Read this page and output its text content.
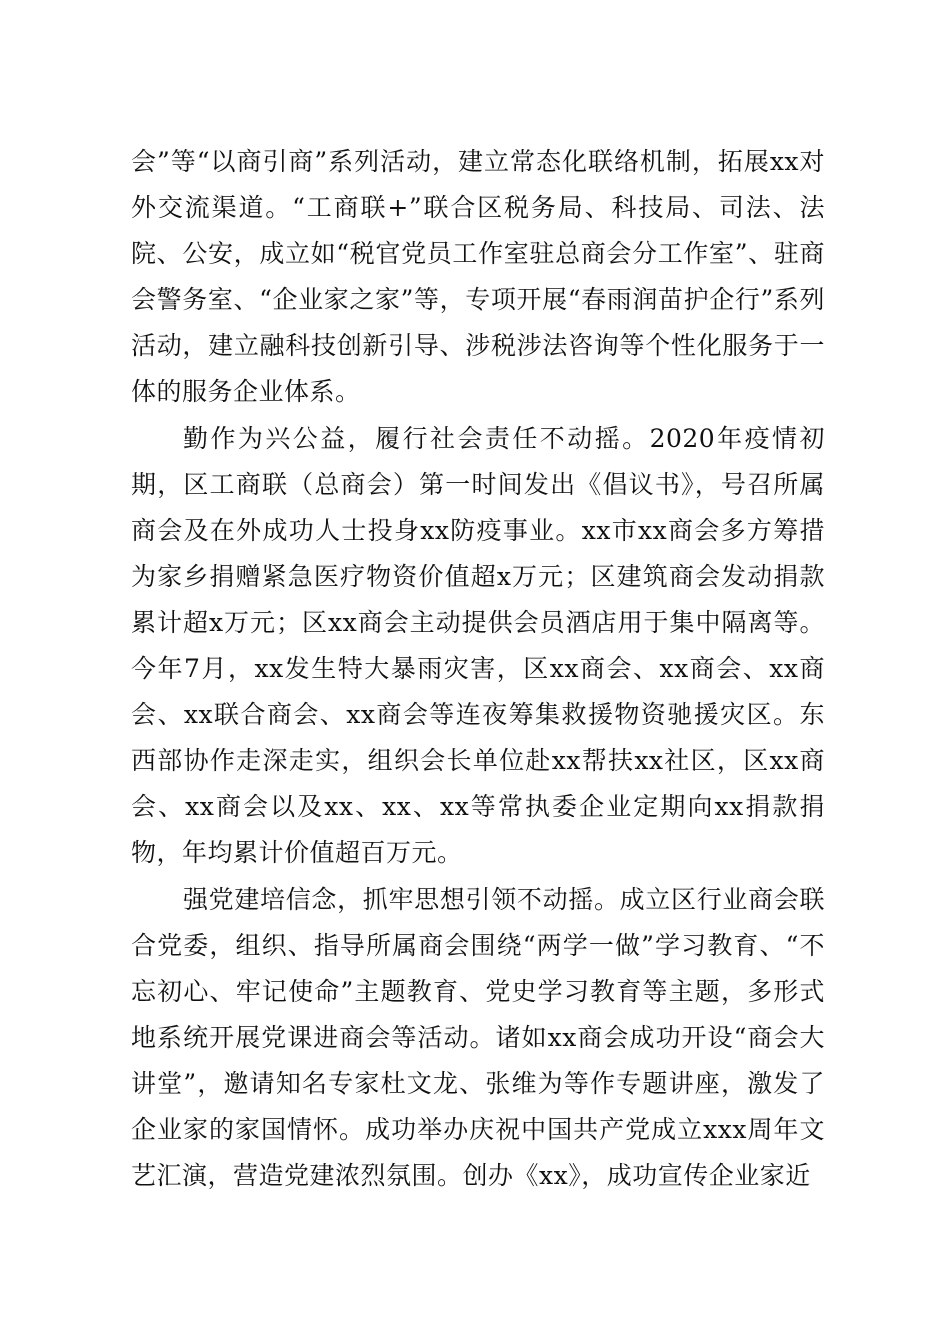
会”等“以商引商”系列活动，建立常态化联络机制，拓展xx对外交流渠道。“工商联+”联合区税务局、科技局、司法、法院、公安，成立如“税官党员工作室驻总商会分工作室”、驻商会警务室、“企业家之家”等，专项开展“春雨润苗护企行”系列活动，建立融科技创新引导、涉税涉法咨询等个性化服务于一体的服务企业体系。

勤作为兴公益，履行社会责任不动摇。2020年疫情初期，区工商联（总商会）第一时间发出《倡议书》，号召所属商会及在外成功人士投身xx防疫事业。xx市xx商会多方筹措为家乡捐赠紧急医疗物资价值超x万元；区建筑商会发动捐款累计超x万元；区xx商会主动提供会员酒店用于集中隔离等。今年7月，xx发生特大暴雨灾害，区xx商会、xx商会、xx商会、xx联合商会、xx商会等连夜筹集救援物资驰援灾区。东西部协作走深走实，组织会长单位赴xx帮扶xx社区，区xx商会、xx商会以及xx、xx、xx等常执委企业定期向xx捐款捐物，年均累计价值超百万元。

强党建培信念，抓牢思想引领不动摇。成立区行业商会联合党委，组织、指导所属商会围绕“两学一做”学习教育、“不忘初心、牢记使命”主题教育、党史学习教育等主题，多形式地系统开展党课进商会等活动。诸如xx商会成功开设“商会大讲堂”，邀请知名专家杜文龙、张维为等作专题讲座，激发了企业家的家国情怀。成功举办庆祝中国共产党成立xxx周年文艺汇演，营造党建浓烈氛围。创办《xx》，成功宣传企业家近
